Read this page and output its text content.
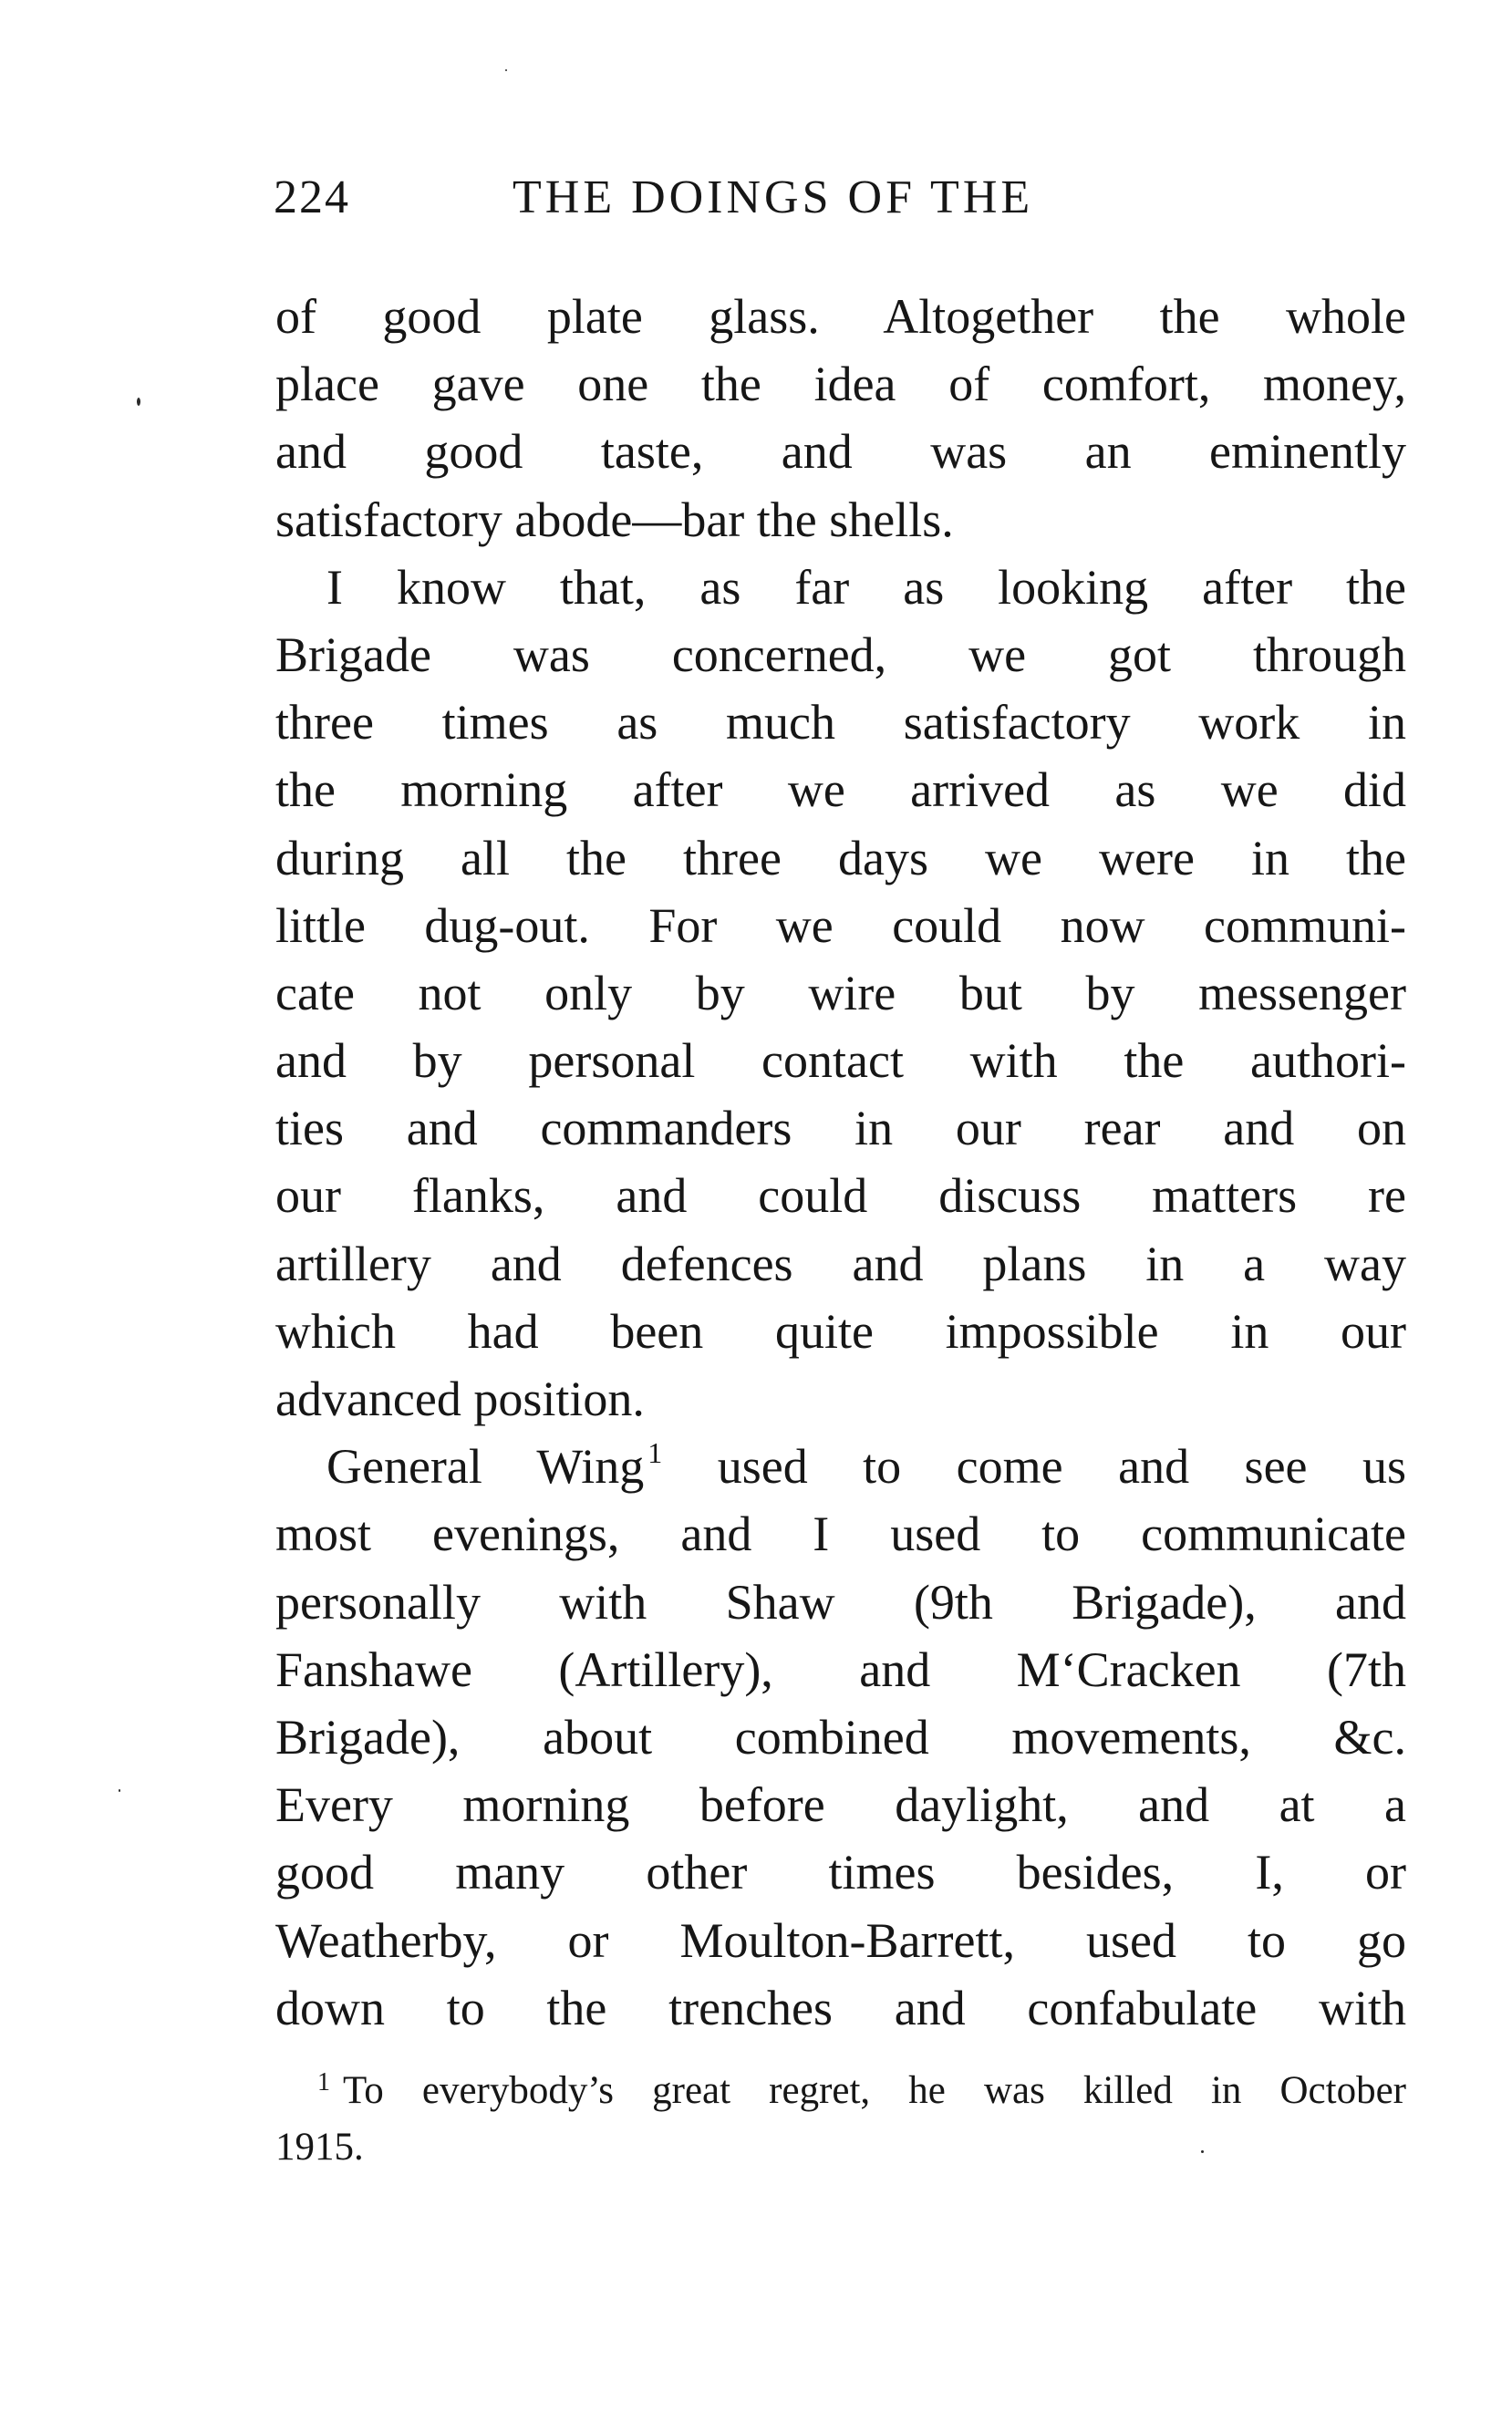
224	THE DOINGS OF THE
of good plate glass. Altogether the whole
place gave one the idea of comfort, money,
and good taste, and was an eminently
satisfactory abode—bar the shells.
I know that, as far as looking after the
Brigade was concerned, we got through
three times as much satisfactory work in
the morning after we arrived as we did
during all the three days we were in the
little dug-out. For we could now communi-
cate not only by wire but by messenger
and by personal contact with the authori-
ties and commanders in our rear and on
our flanks, and could discuss matters re
artillery and defences and plans in a way
which had been quite impossible in our
advanced position.
General Wing $^1$ used to come and see us
most evenings, and I used to communicate
personally with Shaw (9th Brigade), and
Fanshawe (Artillery), and M‘Cracken (7th
Brigade), about combined movements, &c.
Every morning before daylight, and at a
good many other times besides, I, or
Weatherby, or Moulton-Barrett, used to go
down to the trenches and confabulate with
$^1$ To everybody’s great regret, he was killed in October
1915.
